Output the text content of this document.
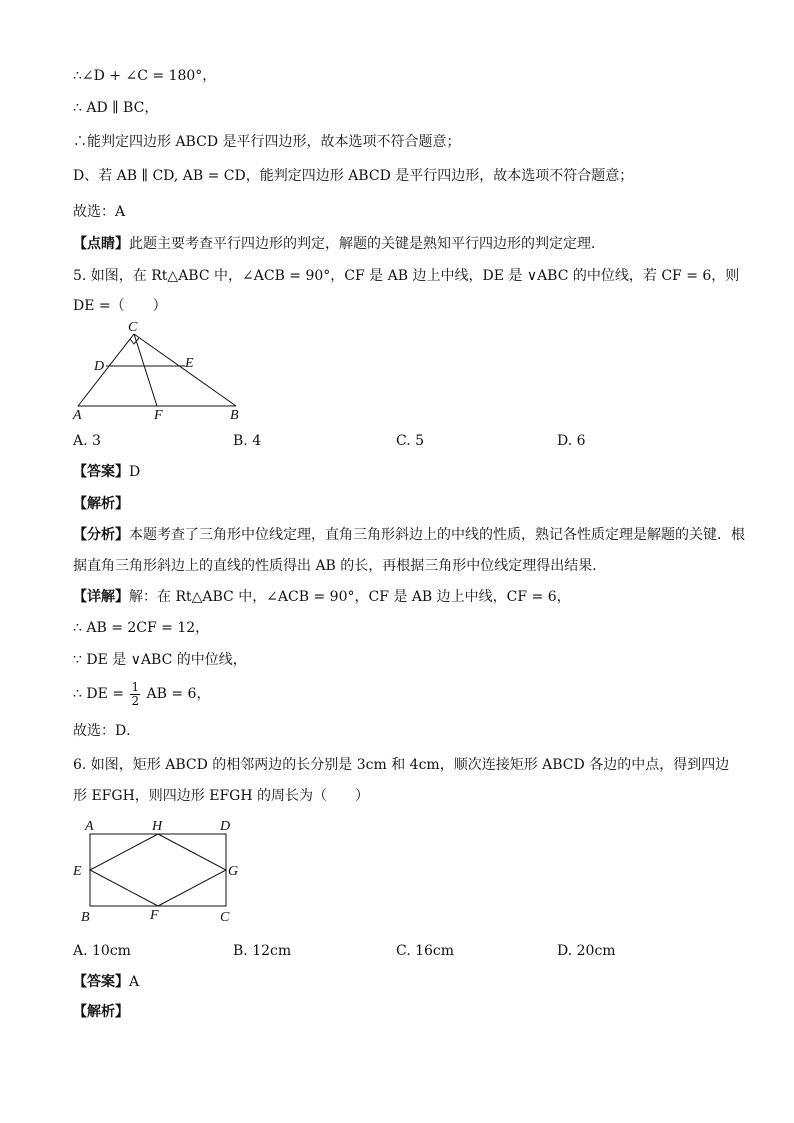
∴∠D + ∠C = 180°，
∴ AD ∥ BC，
∴能判定四边形 ABCD 是平行四边形，故本选项不符合题意；
D、若 AB ∥ CD, AB = CD，能判定四边形 ABCD 是平行四边形，故本选项不符合题意；
故选：A
【点睛】此题主要考查平行四边形的判定，解题的关键是熟知平行四边形的判定定理．
5. 如图，在 Rt△ABC 中，∠ACB = 90°，CF 是 AB 边上中线，DE 是 ∨ABC 的中位线，若 CF = 6，则
DE =（　　）
C
D	E
A	F	B
A. 3	B. 4	C. 5	D. 6
【答案】D
【解析】
【分析】本题考查了三角形中位线定理，直角三角形斜边上的中线的性质，熟记各性质定理是解题的关键．根
据直角三角形斜边上的直线的性质得出 AB 的长，再根据三角形中位线定理得出结果．
【详解】解：在 Rt△ABC 中，∠ACB = 90°，CF 是 AB 边上中线，CF = 6，
∴ AB = 2CF = 12，
∵ DE 是 ∨ABC 的中位线，
∴ DE = $\frac{1}{2}$ AB = 6，
故选：D．
6. 如图，矩形 ABCD 的相邻两边的长分别是 3cm 和 4cm，顺次连接矩形 ABCD 各边的中点，得到四边
形 EFGH，则四边形 EFGH 的周长为（　　）
A	H	D
E	G
B	F	C
A. 10cm	B. 12cm	C. 16cm	D. 20cm
【答案】A
【解析】
